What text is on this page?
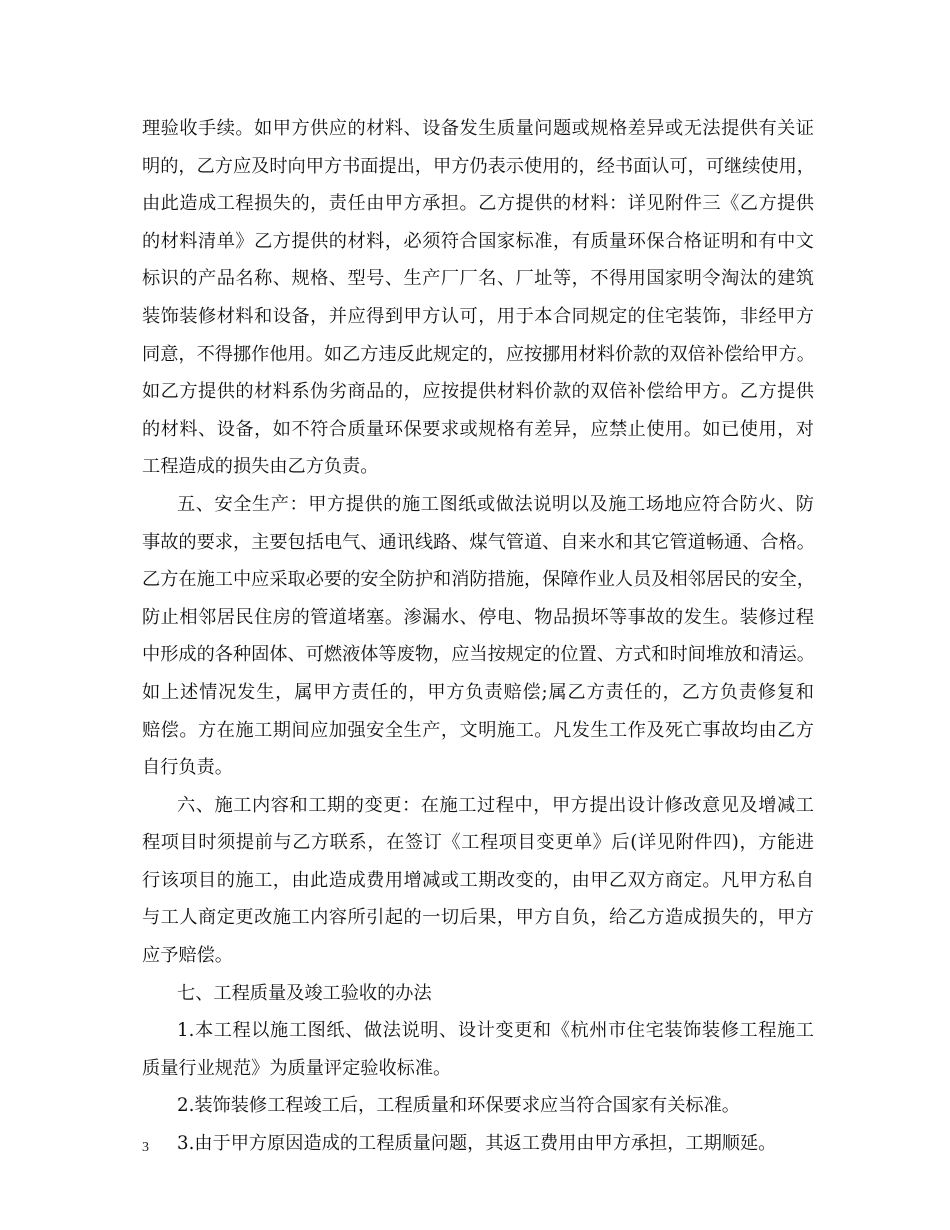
理验收手续。如甲方供应的材料、设备发生质量问题或规格差异或无法提供有关证
明的，乙方应及时向甲方书面提出，甲方仍表示使用的，经书面认可，可继续使用，
由此造成工程损失的，责任由甲方承担。乙方提供的材料：详见附件三《乙方提供
的材料清单》乙方提供的材料，必须符合国家标准，有质量环保合格证明和有中文
标识的产品名称、规格、型号、生产厂厂名、厂址等，不得用国家明令淘汰的建筑
装饰装修材料和设备，并应得到甲方认可，用于本合同规定的住宅装饰，非经甲方
同意，不得挪作他用。如乙方违反此规定的，应按挪用材料价款的双倍补偿给甲方。
如乙方提供的材料系伪劣商品的，应按提供材料价款的双倍补偿给甲方。乙方提供
的材料、设备，如不符合质量环保要求或规格有差异，应禁止使用。如已使用，对
工程造成的损失由乙方负责。
五、安全生产：甲方提供的施工图纸或做法说明以及施工场地应符合防火、防
事故的要求，主要包括电气、通讯线路、煤气管道、自来水和其它管道畅通、合格。
乙方在施工中应采取必要的安全防护和消防措施，保障作业人员及相邻居民的安全，
防止相邻居民住房的管道堵塞。渗漏水、停电、物品损坏等事故的发生。装修过程
中形成的各种固体、可燃液体等废物，应当按规定的位置、方式和时间堆放和清运。
如上述情况发生，属甲方责任的，甲方负责赔偿;属乙方责任的，乙方负责修复和
赔偿。方在施工期间应加强安全生产，文明施工。凡发生工作及死亡事故均由乙方
自行负责。
六、施工内容和工期的变更：在施工过程中，甲方提出设计修改意见及增减工
程项目时须提前与乙方联系，在签订《工程项目变更单》后(详见附件四)，方能进
行该项目的施工，由此造成费用增减或工期改变的，由甲乙双方商定。凡甲方私自
与工人商定更改施工内容所引起的一切后果，甲方自负，给乙方造成损失的，甲方
应予赔偿。
七、工程质量及竣工验收的办法
1.本工程以施工图纸、做法说明、设计变更和《杭州市住宅装饰装修工程施工
质量行业规范》为质量评定验收标准。
2.装饰装修工程竣工后，工程质量和环保要求应当符合国家有关标准。
3.由于甲方原因造成的工程质量问题，其返工费用由甲方承担，工期顺延。
3
